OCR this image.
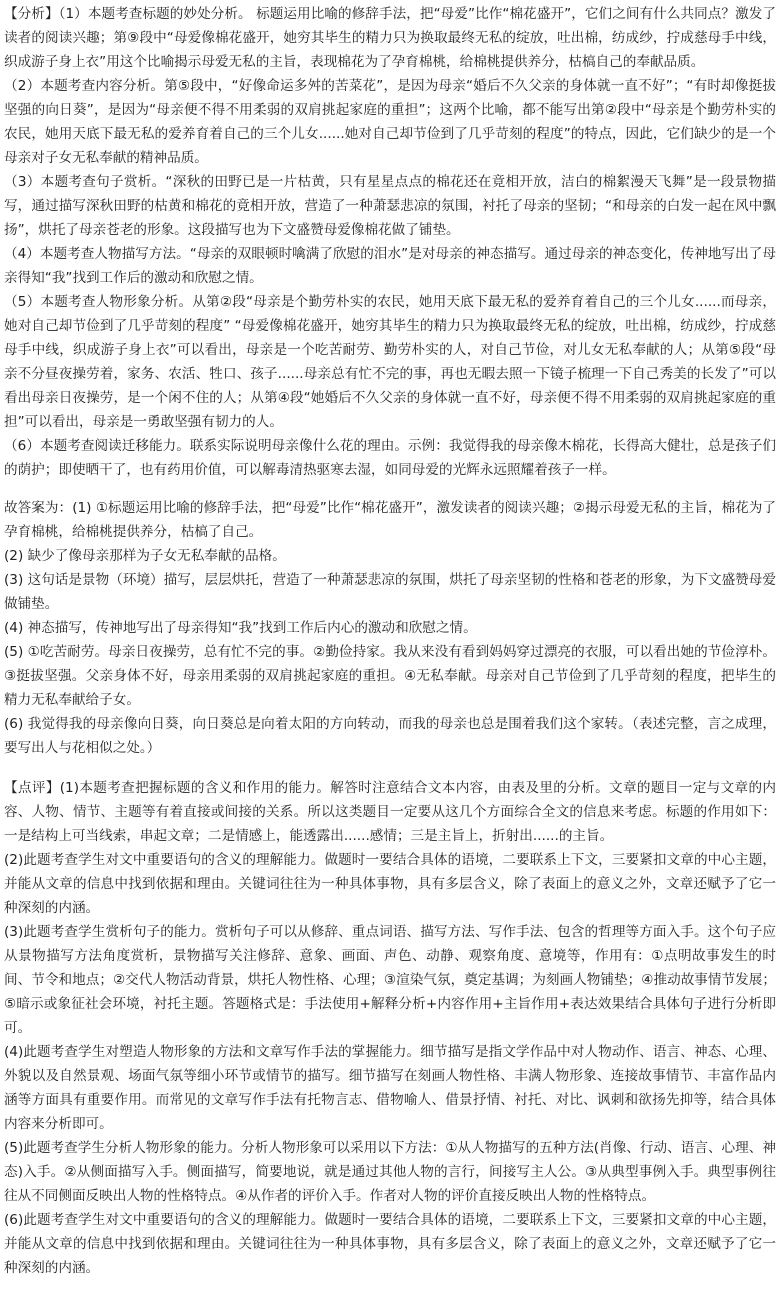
【分析】（1）本题考查标题的妙处分析。 标题运用比喻的修辞手法，把“母爱”比作“棉花盛开”，它们之间有什么共同点？激发了读者的阅读兴趣；第⑨段中“母爱像棉花盛开，她穷其毕生的精力只为换取最终无私的绽放，吐出棉，纺成纱，拧成慈母手中线，织成游子身上衣”用这个比喻揭示母爱无私的主旨，表现棉花为了孕育棉桃，给棉桃提供养分，枯槁自己的奉献品质。

（2）本题考查内容分析。第⑤段中，“好像命运多舛的苦菜花”，是因为母亲“婚后不久父亲的身体就一直不好”；“有时却像挺拔坚强的向日葵”，是因为“母亲便不得不用柔弱的双肩挑起家庭的重担”；这两个比喻，都不能写出第②段中“母亲是个勤劳朴实的农民，她用天底下最无私的爱养育着自己的三个儿女......她对自己却节俭到了几乎苛刻的程度”的特点，因此，它们缺少的是一个母亲对子女无私奉献的精神品质。

（3）本题考查句子赏析。“深秋的田野已是一片枯黄，只有星星点点的棉花还在竟相开放，洁白的棉絮漫天飞舞”是一段景物描写，通过描写深秋田野的枯黄和棉花的竟相开放，营造了一种萧瑟悲凉的氛围，衬托了母亲的坚韧；“和母亲的白发一起在风中飘扬”，烘托了母亲苍老的形象。这段描写也为下文盛赞母爱像棉花做了铺垫。

（4）本题考查人物描写方法。“母亲的双眼顿时噙满了欣慰的泪水”是对母亲的神态描写。通过母亲的神态变化，传神地写出了母亲得知“我”找到工作后的激动和欣慰之情。

（5）本题考查人物形象分析。从第②段“母亲是个勤劳朴实的农民，她用天底下最无私的爱养育着自己的三个儿女......而母亲，她对自己却节俭到了几乎苛刻的程度” “母爱像棉花盛开，她穷其毕生的精力只为换取最终无私的绽放，吐出棉，纺成纱，拧成慈母手中线，织成游子身上衣”可以看出，母亲是一个吃苦耐劳、勤劳朴实的人，对自己节俭，对儿女无私奉献的人；从第⑤段“母亲不分昼夜操劳着，家务、农活、牲口、孩子......母亲总有忙不完的事，再也无暇去照一下镜子梳理一下自己秀美的长发了”可以看出母亲日夜操劳，是一个闲不住的人；从第④段“她婚后不久父亲的身体就一直不好，母亲便不得不用柔弱的双肩挑起家庭的重担”可以看出，母亲是一勇敢坚强有韧力的人。

（6）本题考查阅读迁移能力。联系实际说明母亲像什么花的理由。示例：我觉得我的母亲像木棉花，长得高大健壮，总是孩子们的荫护；即使晒干了，也有药用价值，可以解毒清热驱寒去湿，如同母爱的光辉永远照耀着孩子一样。

故答案为：(1) ①标题运用比喻的修辞手法，把“母爱”比作“棉花盛开”，激发读者的阅读兴趣；②揭示母爱无私的主旨，棉花为了孕育棉桃，给棉桃提供养分，枯槁了自己。

(2) 缺少了像母亲那样为子女无私奉献的品格。

(3) 这句话是景物（环境）描写，层层烘托，营造了一种萧瑟悲凉的氛围，烘托了母亲坚韧的性格和苍老的形象，为下文盛赞母爱做铺垫。

(4) 神态描写，传神地写出了母亲得知“我”找到工作后内心的激动和欣慰之情。

(5) ①吃苦耐劳。母亲日夜操劳，总有忙不完的事。②勤俭持家。我从来没有看到妈妈穿过漂亮的衣服，可以看出她的节俭淳朴。③挺拔坚强。父亲身体不好，母亲用柔弱的双肩挑起家庭的重担。④无私奉献。母亲对自己节俭到了几乎苛刻的程度，把毕生的精力无私奉献给子女。

(6) 我觉得我的母亲像向日葵，向日葵总是向着太阳的方向转动，而我的母亲也总是围着我们这个家转。（表述完整，言之成理，要写出人与花相似之处。）

【点评】(1)本题考查把握标题的含义和作用的能力。解答时注意结合文本内容，由表及里的分析。文章的题目一定与文章的内容、人物、情节、主题等有着直接或间接的关系。所以这类题目一定要从这几个方面综合全文的信息来考虑。标题的作用如下：一是结构上可当线索，串起文章；二是情感上，能透露出......感情；三是主旨上，折射出......的主旨。

(2)此题考查学生对文中重要语句的含义的理解能力。做题时一要结合具体的语境，二要联系上下文，三要紧扣文章的中心主题，并能从文章的信息中找到依据和理由。关键词往往为一种具体事物，具有多层含义，除了表面上的意义之外，文章还赋予了它一种深刻的内涵。

(3)此题考查学生赏析句子的能力。赏析句子可以从修辞、重点词语、描写方法、写作手法、包含的哲理等方面入手。这个句子应从景物描写方法角度赏析，景物描写关注修辞、意象、画面、声色、动静、观察角度、意境等，作用有：①点明故事发生的时间、节令和地点；②交代人物活动背景，烘托人物性格、心理；③渲染气氛，奠定基调；为刻画人物铺垫；④推动故事情节发展；⑤暗示或象征社会环境，衬托主题。答题格式是：手法使用+解释分析+内容作用+主旨作用+表达效果结合具体句子进行分析即可。

(4)此题考查学生对塑造人物形象的方法和文章写作手法的掌握能力。细节描写是指文学作品中对人物动作、语言、神态、心理、外貌以及自然景观、场面气氛等细小环节或情节的描写。细节描写在刻画人物性格、丰满人物形象、连接故事情节、丰富作品内涵等方面具有重要作用。而常见的文章写作手法有托物言志、借物喻人、借景抒情、衬托、对比、讽刺和欲扬先抑等，结合具体内容来分析即可。

(5)此题考查学生分析人物形象的能力。分析人物形象可以采用以下方法：①从人物描写的五种方法(肖像、行动、语言、心理、神态)入手。②从侧面描写入手。侧面描写，简要地说，就是通过其他人物的言行，间接写主人公。③从典型事例入手。典型事例往往从不同侧面反映出人物的性格特点。④从作者的评价入手。作者对人物的评价直接反映出人物的性格特点。

(6)此题考查学生对文中重要语句的含义的理解能力。做题时一要结合具体的语境，二要联系上下文，三要紧扣文章的中心主题，并能从文章的信息中找到依据和理由。关键词往往为一种具体事物，具有多层含义，除了表面上的意义之外，文章还赋予了它一种深刻的内涵。
